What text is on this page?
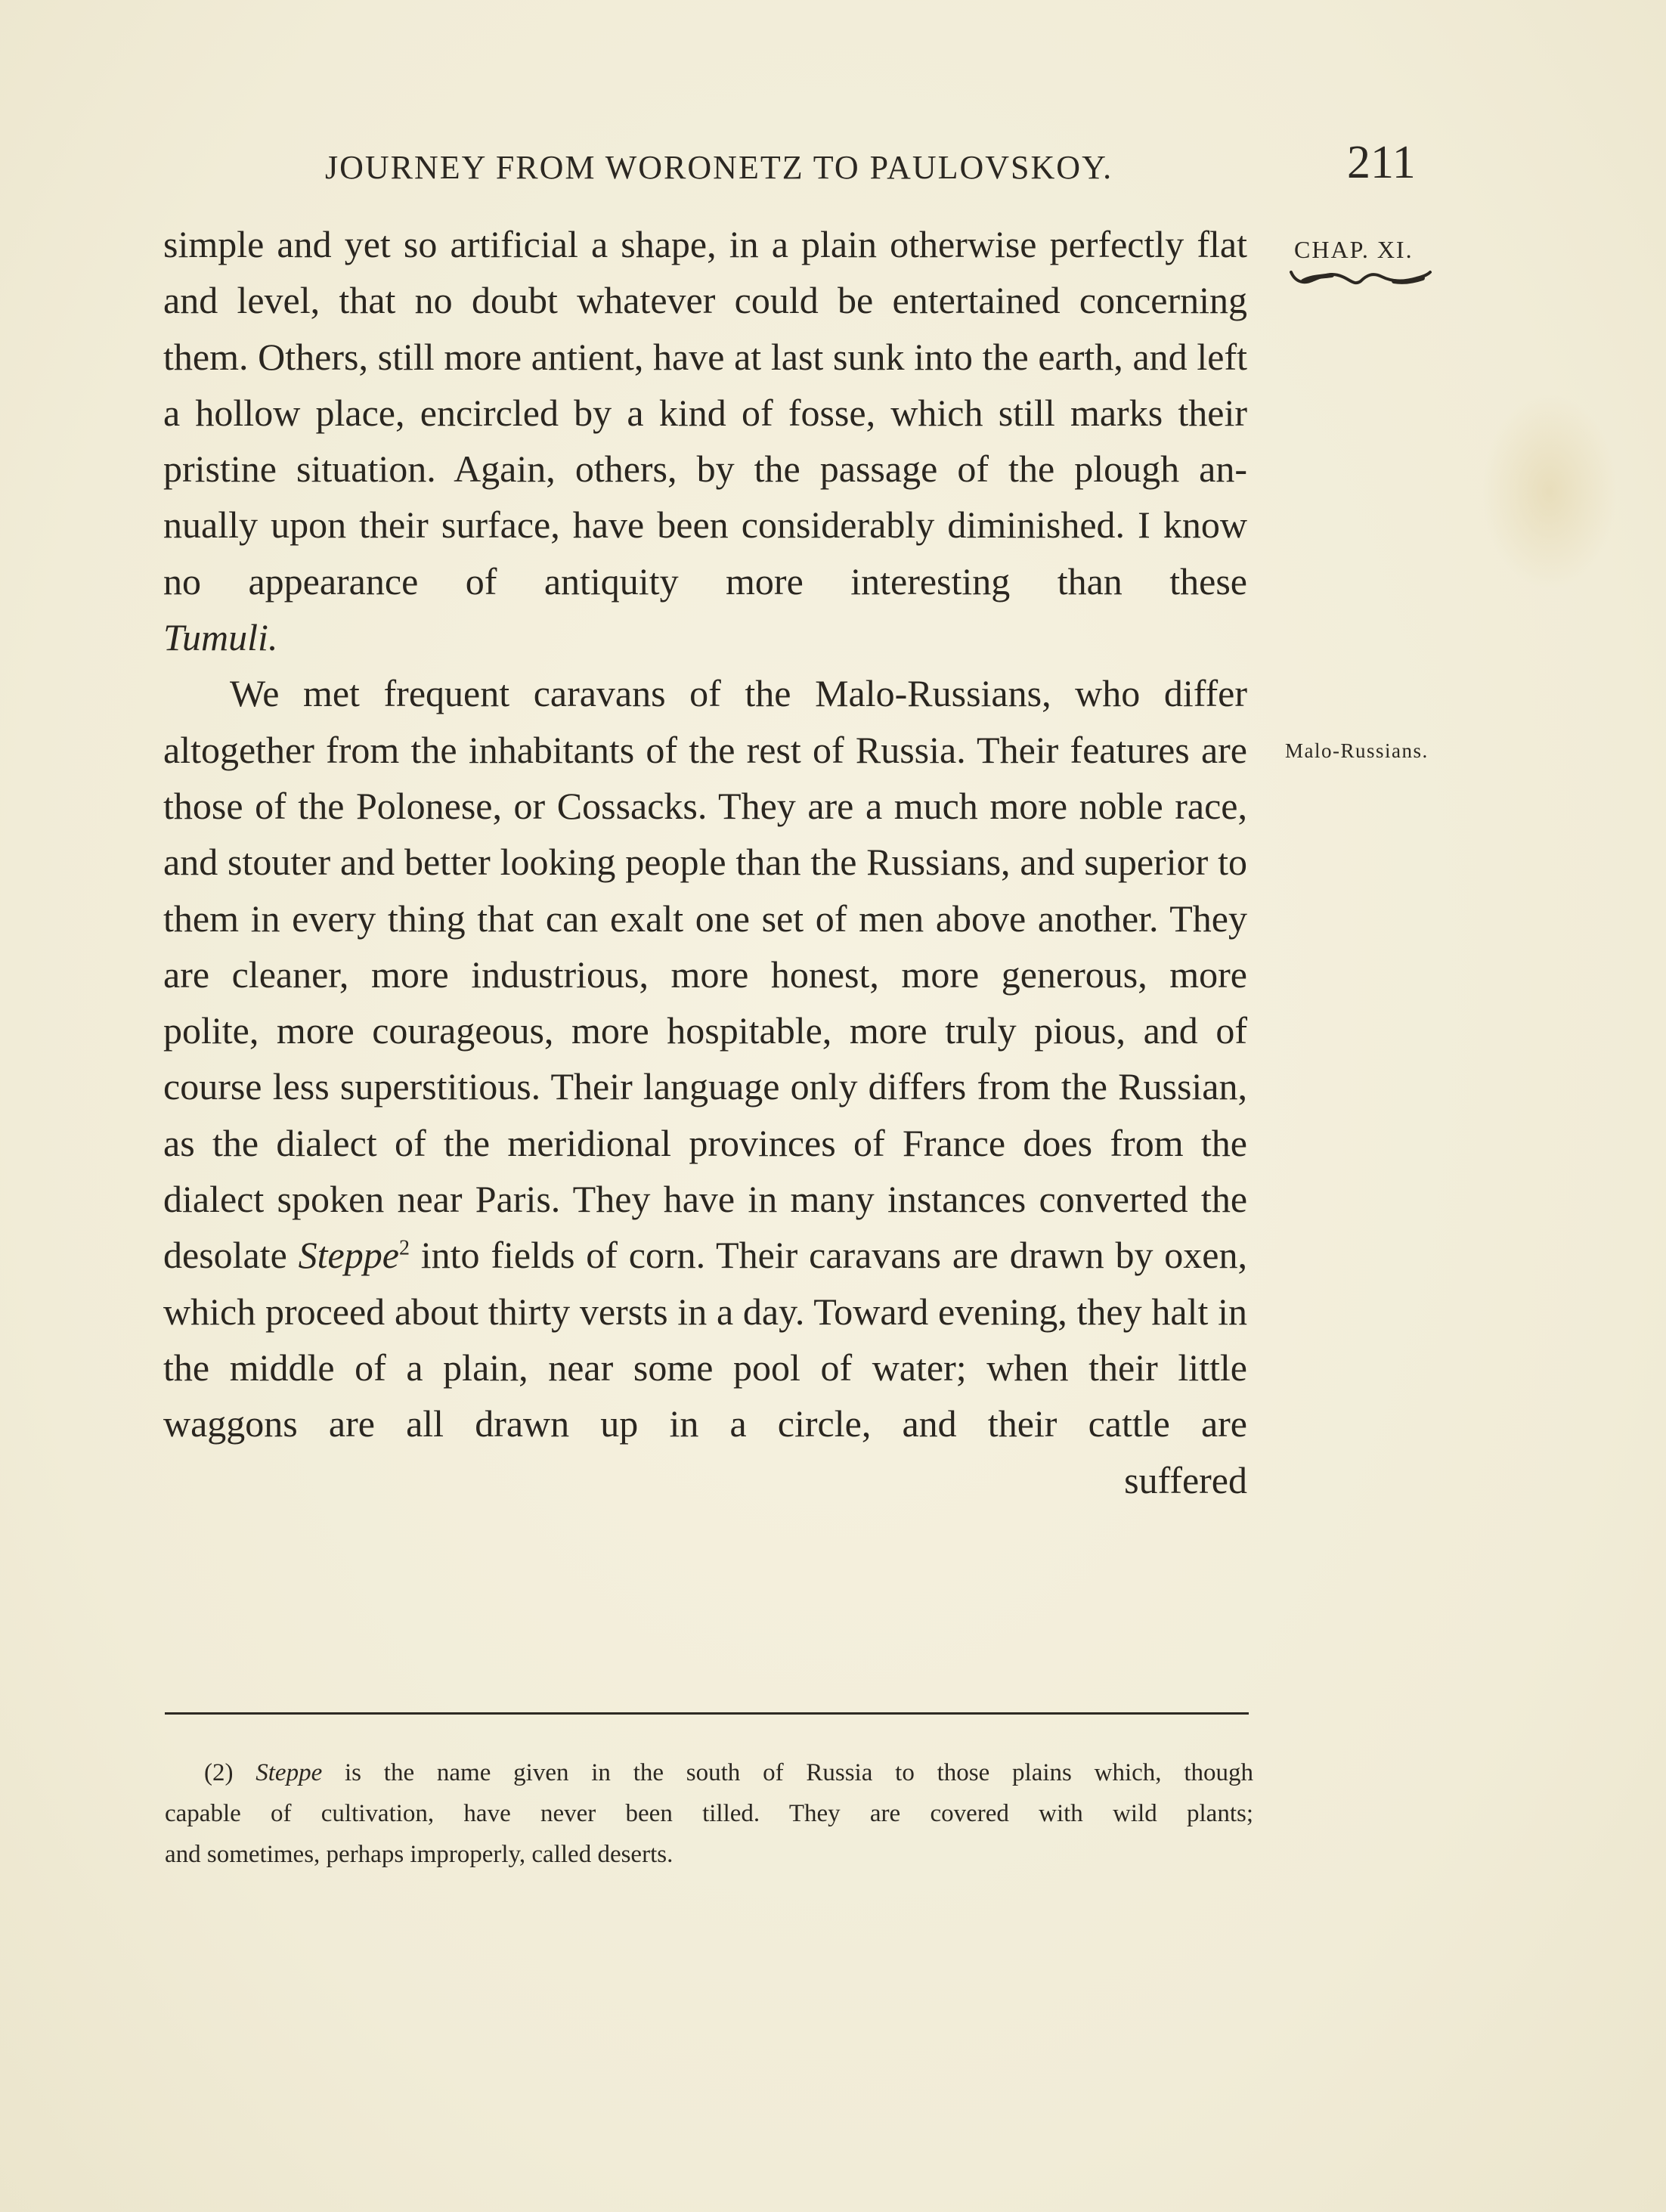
JOURNEY FROM WORONETZ TO PAULOVSKOY.	211
CHAP. XI.
Malo-Russians.

simple and yet so artificial a shape, in a plain otherwise perfectly flat and level, that no doubt whatever could be entertained concerning them. Others, still more antient, have at last sunk into the earth, and left a hollow place, encircled by a kind of fosse, which still marks their pristine situation. Again, others, by the passage of the plough an- nually upon their surface, have been considerably diminished. I know no appearance of antiquity more interesting than these

Tumuli.

We met frequent caravans of the Malo-Russians, who differ altogether from the inhabitants of the rest of Russia. Their features are those of the Polonese, or Cossacks. They are a much more noble race, and stouter and better looking people than the Russians, and superior to them in every thing that can exalt one set of men above another. They are cleaner, more industrious, more honest, more generous, more polite, more courageous, more hospitable, more truly pious, and of course less superstitious. Their language only differs from the Russian, as the dialect of the meridional provinces of France does from the dialect spoken near Paris. They have in many instances converted the desolate Steppe$^2$ into fields of corn. Their caravans are drawn by oxen, which proceed about thirty versts in a day. Toward evening, they halt in the middle of a plain, near some pool of water; when their little waggons are all drawn up in a circle, and their cattle are

suffered

(2) Steppe is the name given in the south of Russia to those plains which, though

capable of cultivation, have never been tilled. They are covered with wild plants;

and sometimes, perhaps improperly, called deserts.
